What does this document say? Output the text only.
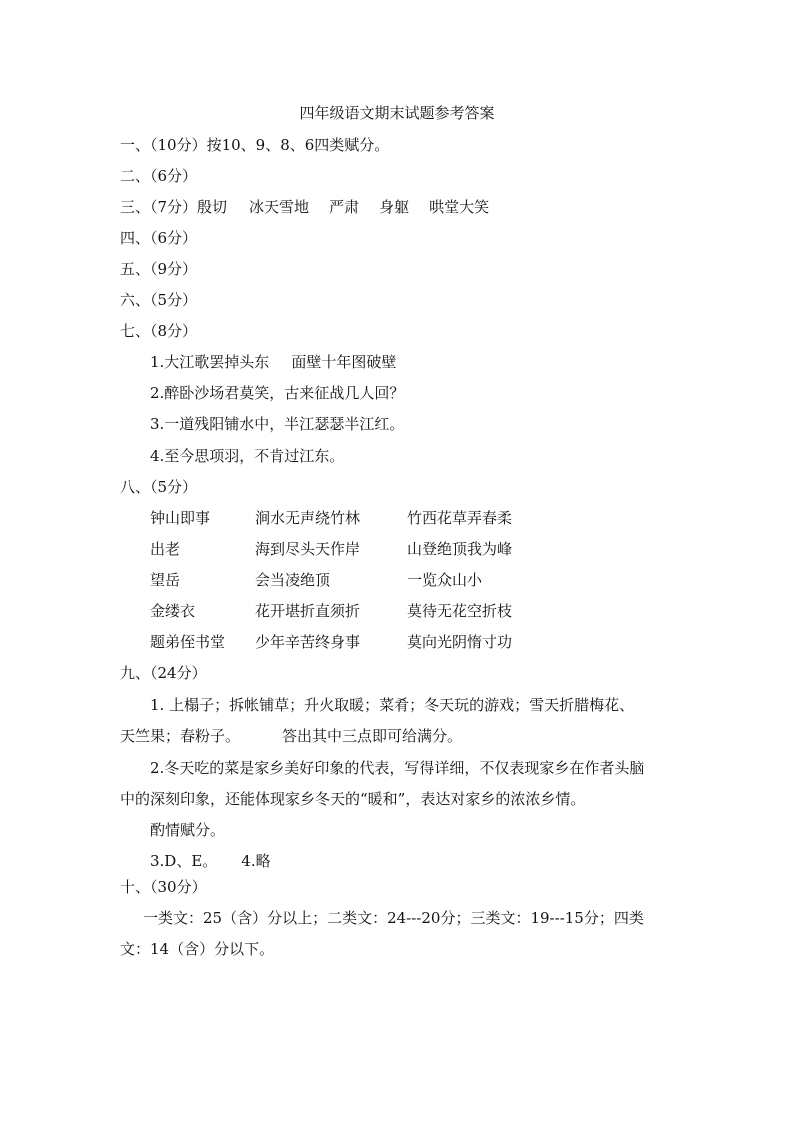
四年级语文期末试题参考答案
一、（10分）按10、9、8、6四类赋分。
二、（6分）
三、（7分）殷切 冰天雪地 严肃 身躯 哄堂大笑
四、（6分）
五、（9分）
六、（5分）
七、（8分）
1.大江歌罢掉头东 面壁十年图破壁
2.醉卧沙场君莫笑，古来征战几人回？
3.一道残阳铺水中，半江瑟瑟半江红。
4.至今思项羽，不肯过江东。
八、（5分）
钟山即事	涧水无声绕竹林	竹西花草弄春柔
出老	海到尽头天作岸	山登绝顶我为峰
望岳	会当凌绝顶	一览众山小
金缕衣	花开堪折直须折	莫待无花空折枝
题弟侄书堂 少年辛苦终身事	莫向光阴惰寸功
九、（24分）
1. 上榻子；拆帐铺草；升火取暖；菜肴；冬天玩的游戏；雪天折腊梅花、
天竺果；春粉子。	答出其中三点即可给满分。
2.冬天吃的菜是家乡美好印象的代表，写得详细，不仅表现家乡在作者头脑
中的深刻印象，还能体现家乡冬天的“暖和”，表达对家乡的浓浓乡情。
酌情赋分。
3.D、E。 4.略
十、（30分）
一类文：25（含）分以上；二类文：24---20分；三类文：19---15分；四类
文：14（含）分以下。
